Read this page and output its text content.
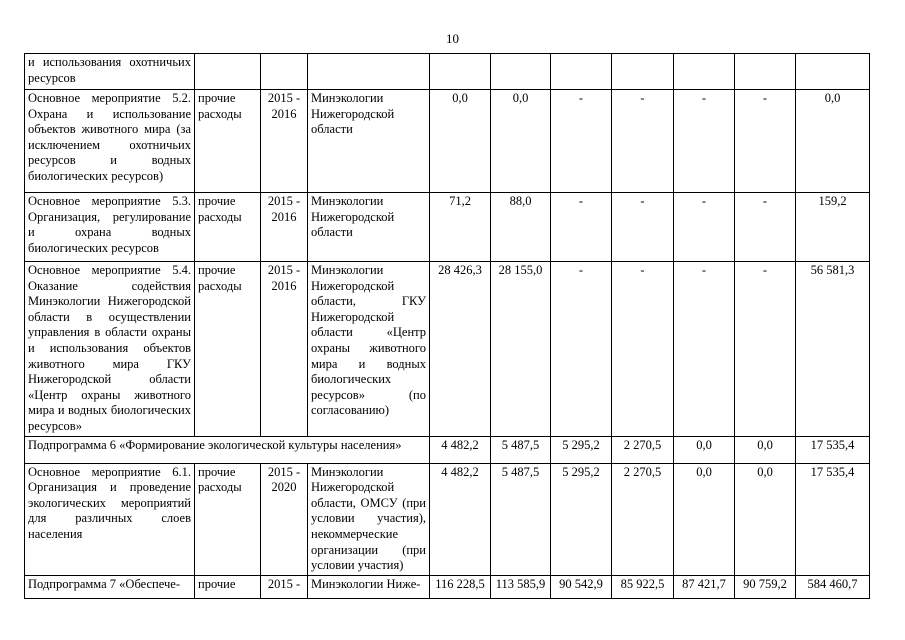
10
и использования охотничьих ресурсов										
Основное мероприятие 5.2. Охрана и использование объектов животного мира (за исключением охотничьих ресурсов и водных биологических ресурсов)	прочие расходы	2015 - 2016	Минэкологии Нижегородской области	0,0	0,0	-	-	-	-	0,0
Основное мероприятие 5.3. Организация, регулирование и охрана водных биологических ресурсов	прочие расходы	2015 - 2016	Минэкологии Нижегородской области	71,2	88,0	-	-	-	-	159,2
Основное мероприятие 5.4. Оказание содействия Минэкологии Нижегородской области в осуществлении управления в области охраны и использования объектов животного мира ГКУ Нижегородской области «Центр охраны животного мира и водных биологических ресурсов»	прочие расходы	2015 - 2016	Минэкологии Нижегородской области, ГКУ Нижегородской области «Центр охраны животного мира и водных биологических ресурсов» (по согласованию)	28 426,3	28 155,0	-	-	-	-	56 581,3
Подпрограмма 6 «Формирование экологической культуры населения»				4 482,2	5 487,5	5 295,2	2 270,5	0,0	0,0	17 535,4
Основное мероприятие 6.1. Организация и проведение экологических мероприятий для различных слоев населения	прочие расходы	2015 - 2020	Минэкологии Нижегородской области, ОМСУ (при условии участия), некоммерческие организации (при условии участия)	4 482,2	5 487,5	5 295,2	2 270,5	0,0	0,0	17 535,4
Подпрограмма 7 «Обеспече-	прочие	2015 -	Минэкологии Ниже-	116 228,5	113 585,9	90 542,9	85 922,5	87 421,7	90 759,2	584 460,7
